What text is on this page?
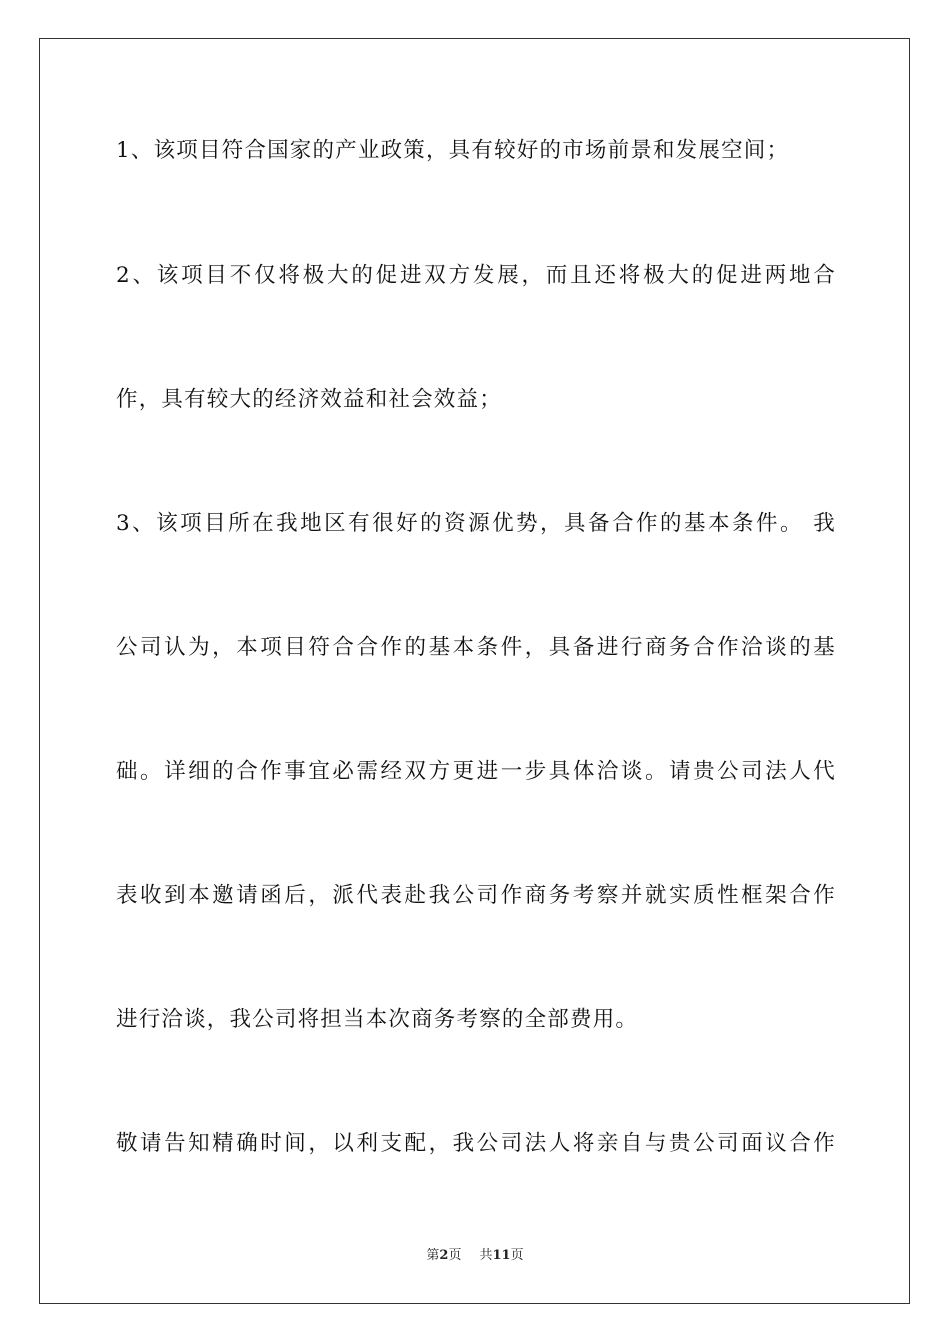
1、该项目符合国家的产业政策，具有较好的市场前景和发展空间；
2、该项目不仅将极大的促进双方发展，而且还将极大的促进两地合
作，具有较大的经济效益和社会效益；
3、该项目所在我地区有很好的资源优势，具备合作的基本条件。 我
公司认为，本项目符合合作的基本条件，具备进行商务合作洽谈的基
础。详细的合作事宜必需经双方更进一步具体洽谈。请贵公司法人代
表收到本邀请函后，派代表赴我公司作商务考察并就实质性框架合作
进行洽谈，我公司将担当本次商务考察的全部费用。
敬请告知精确时间，以利支配，我公司法人将亲自与贵公司面议合作
第2页 共11页
